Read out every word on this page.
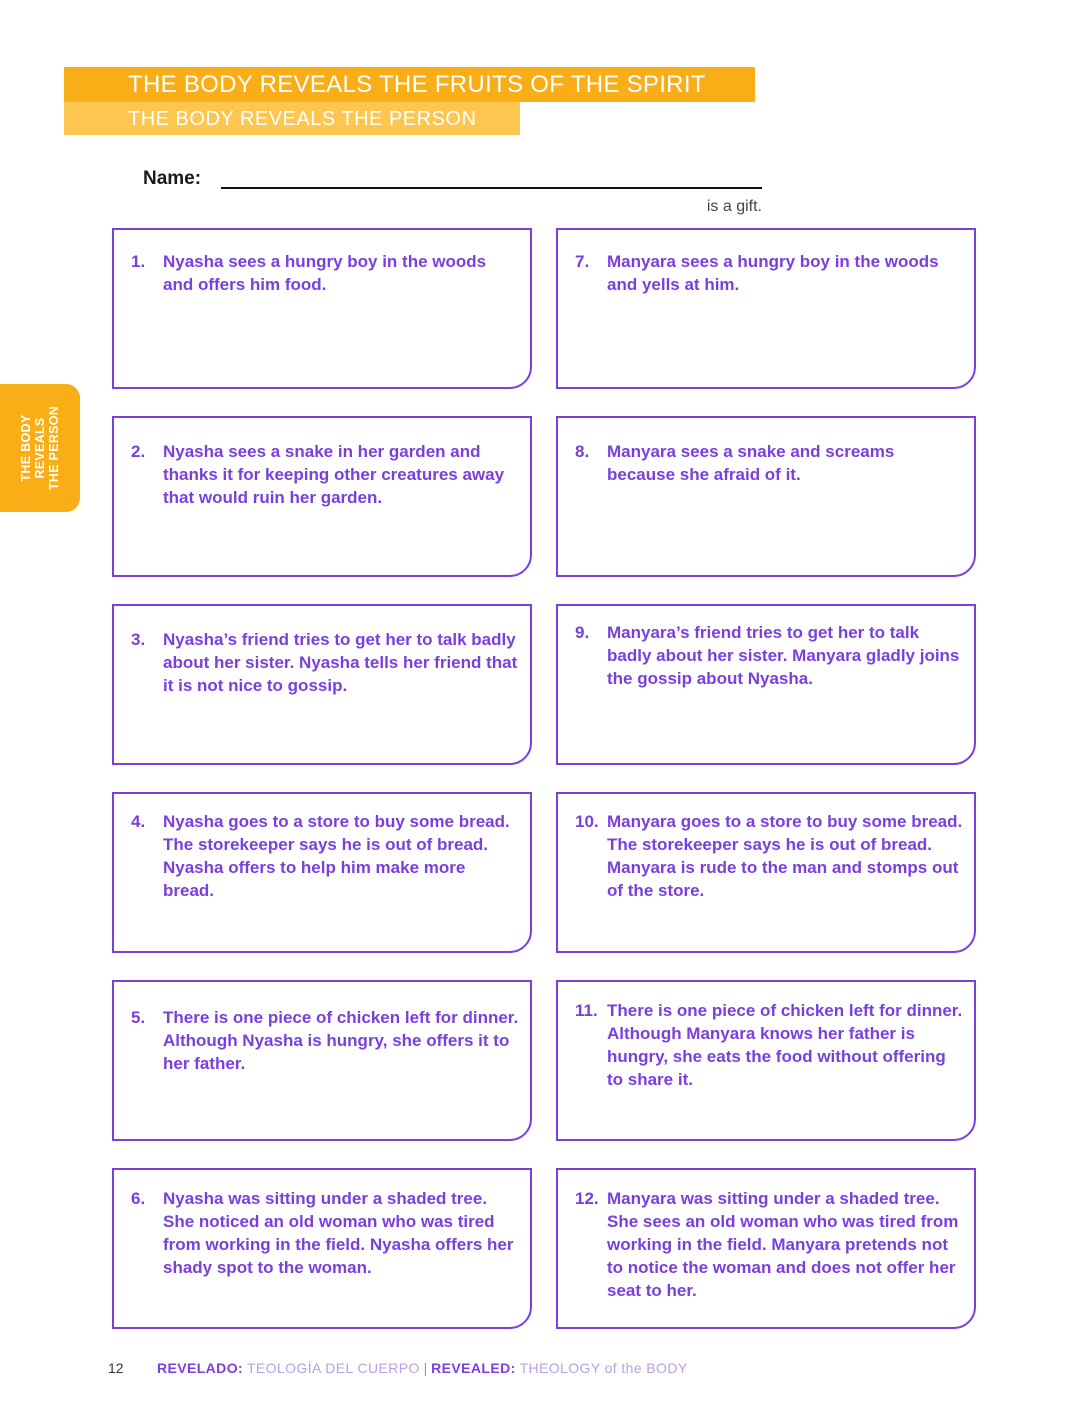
THE BODY REVEALS THE FRUITS OF THE SPIRIT
THE BODY REVEALS THE PERSON
THE BODY REVEALS THE PERSON
Name:
is a gift.
1. Nyasha sees a hungry boy in the woods and offers him food.
2. Nyasha sees a snake in her garden and thanks it for keeping other creatures away that would ruin her garden.
3. Nyasha’s friend tries to get her to talk badly about her sister. Nyasha tells her friend that it is not nice to gossip.
4. Nyasha goes to a store to buy some bread. The storekeeper says he is out of bread. Nyasha offers to help him make more bread.
5. There is one piece of chicken left for dinner. Although Nyasha is hungry, she offers it to her father.
6. Nyasha was sitting under a shaded tree. She noticed an old woman who was tired from working in the field. Nyasha offers her shady spot to the woman.
7. Manyara sees a hungry boy in the woods and yells at him.
8. Manyara sees a snake and screams because she afraid of it.
9. Manyara’s friend tries to get her to talk badly about her sister. Manyara gladly joins the gossip about Nyasha.
10. Manyara goes to a store to buy some bread. The storekeeper says he is out of bread. Manyara is rude to the man and stomps out of the store.
11. There is one piece of chicken left for dinner. Although Manyara knows her father is hungry, she eats the food without offering to share it.
12. Manyara was sitting under a shaded tree. She sees an old woman who was tired from working in the field. Manyara pretends not to notice the woman and does not offer her seat to her.
12 REVELADO: TEOLOGÍA DEL CUERPO | REVEALED: THEOLOGY of the BODY
